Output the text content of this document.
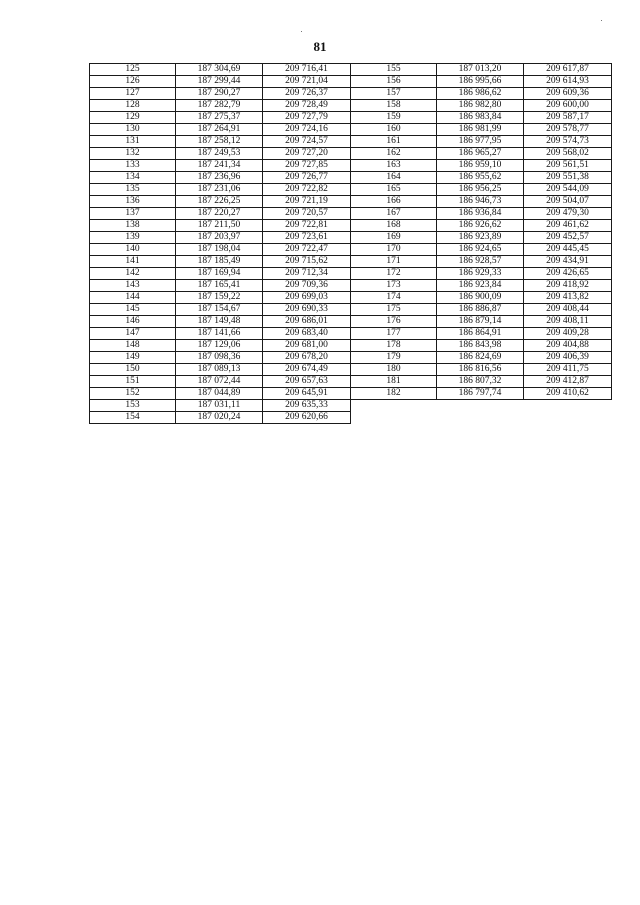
81
125	187 304,69	209 716,41
126	187 299,44	209 721,04
127	187 290,27	209 726,37
128	187 282,79	209 728,49
129	187 275,37	209 727,79
130	187 264,91	209 724,16
131	187 258,12	209 724,57
132	187 249,53	209 727,20
133	187 241,34	209 727,85
134	187 236,96	209 726,77
135	187 231,06	209 722,82
136	187 226,25	209 721,19
137	187 220,27	209 720,57
138	187 211,50	209 722,81
139	187 203,97	209 723,61
140	187 198,04	209 722,47
141	187 185,49	209 715,62
142	187 169,94	209 712,34
143	187 165,41	209 709,36
144	187 159,22	209 699,03
145	187 154,67	209 690,33
146	187 149,48	209 686,01
147	187 141,66	209 683,40
148	187 129,06	209 681,00
149	187 098,36	209 678,20
150	187 089,13	209 674,49
151	187 072,44	209 657,63
152	187 044,89	209 645,91
153	187 031,11	209 635,33
154	187 020,24	209 620,66
155	187 013,20	209 617,87
156	186 995,66	209 614,93
157	186 986,62	209 609,36
158	186 982,80	209 600,00
159	186 983,84	209 587,17
160	186 981,99	209 578,77
161	186 977,95	209 574,73
162	186 965,27	209 568,02
163	186 959,10	209 561,51
164	186 955,62	209 551,38
165	186 956,25	209 544,09
166	186 946,73	209 504,07
167	186 936,84	209 479,30
168	186 926,62	209 461,62
169	186 923,89	209 452,57
170	186 924,65	209 445,45
171	186 928,57	209 434,91
172	186 929,33	209 426,65
173	186 923,84	209 418,92
174	186 900,09	209 413,82
175	186 886,87	209 408,44
176	186 879,14	209 408,11
177	186 864,91	209 409,28
178	186 843,98	209 404,88
179	186 824,69	209 406,39
180	186 816,56	209 411,75
181	186 807,32	209 412,87
182	186 797,74	209 410,62
